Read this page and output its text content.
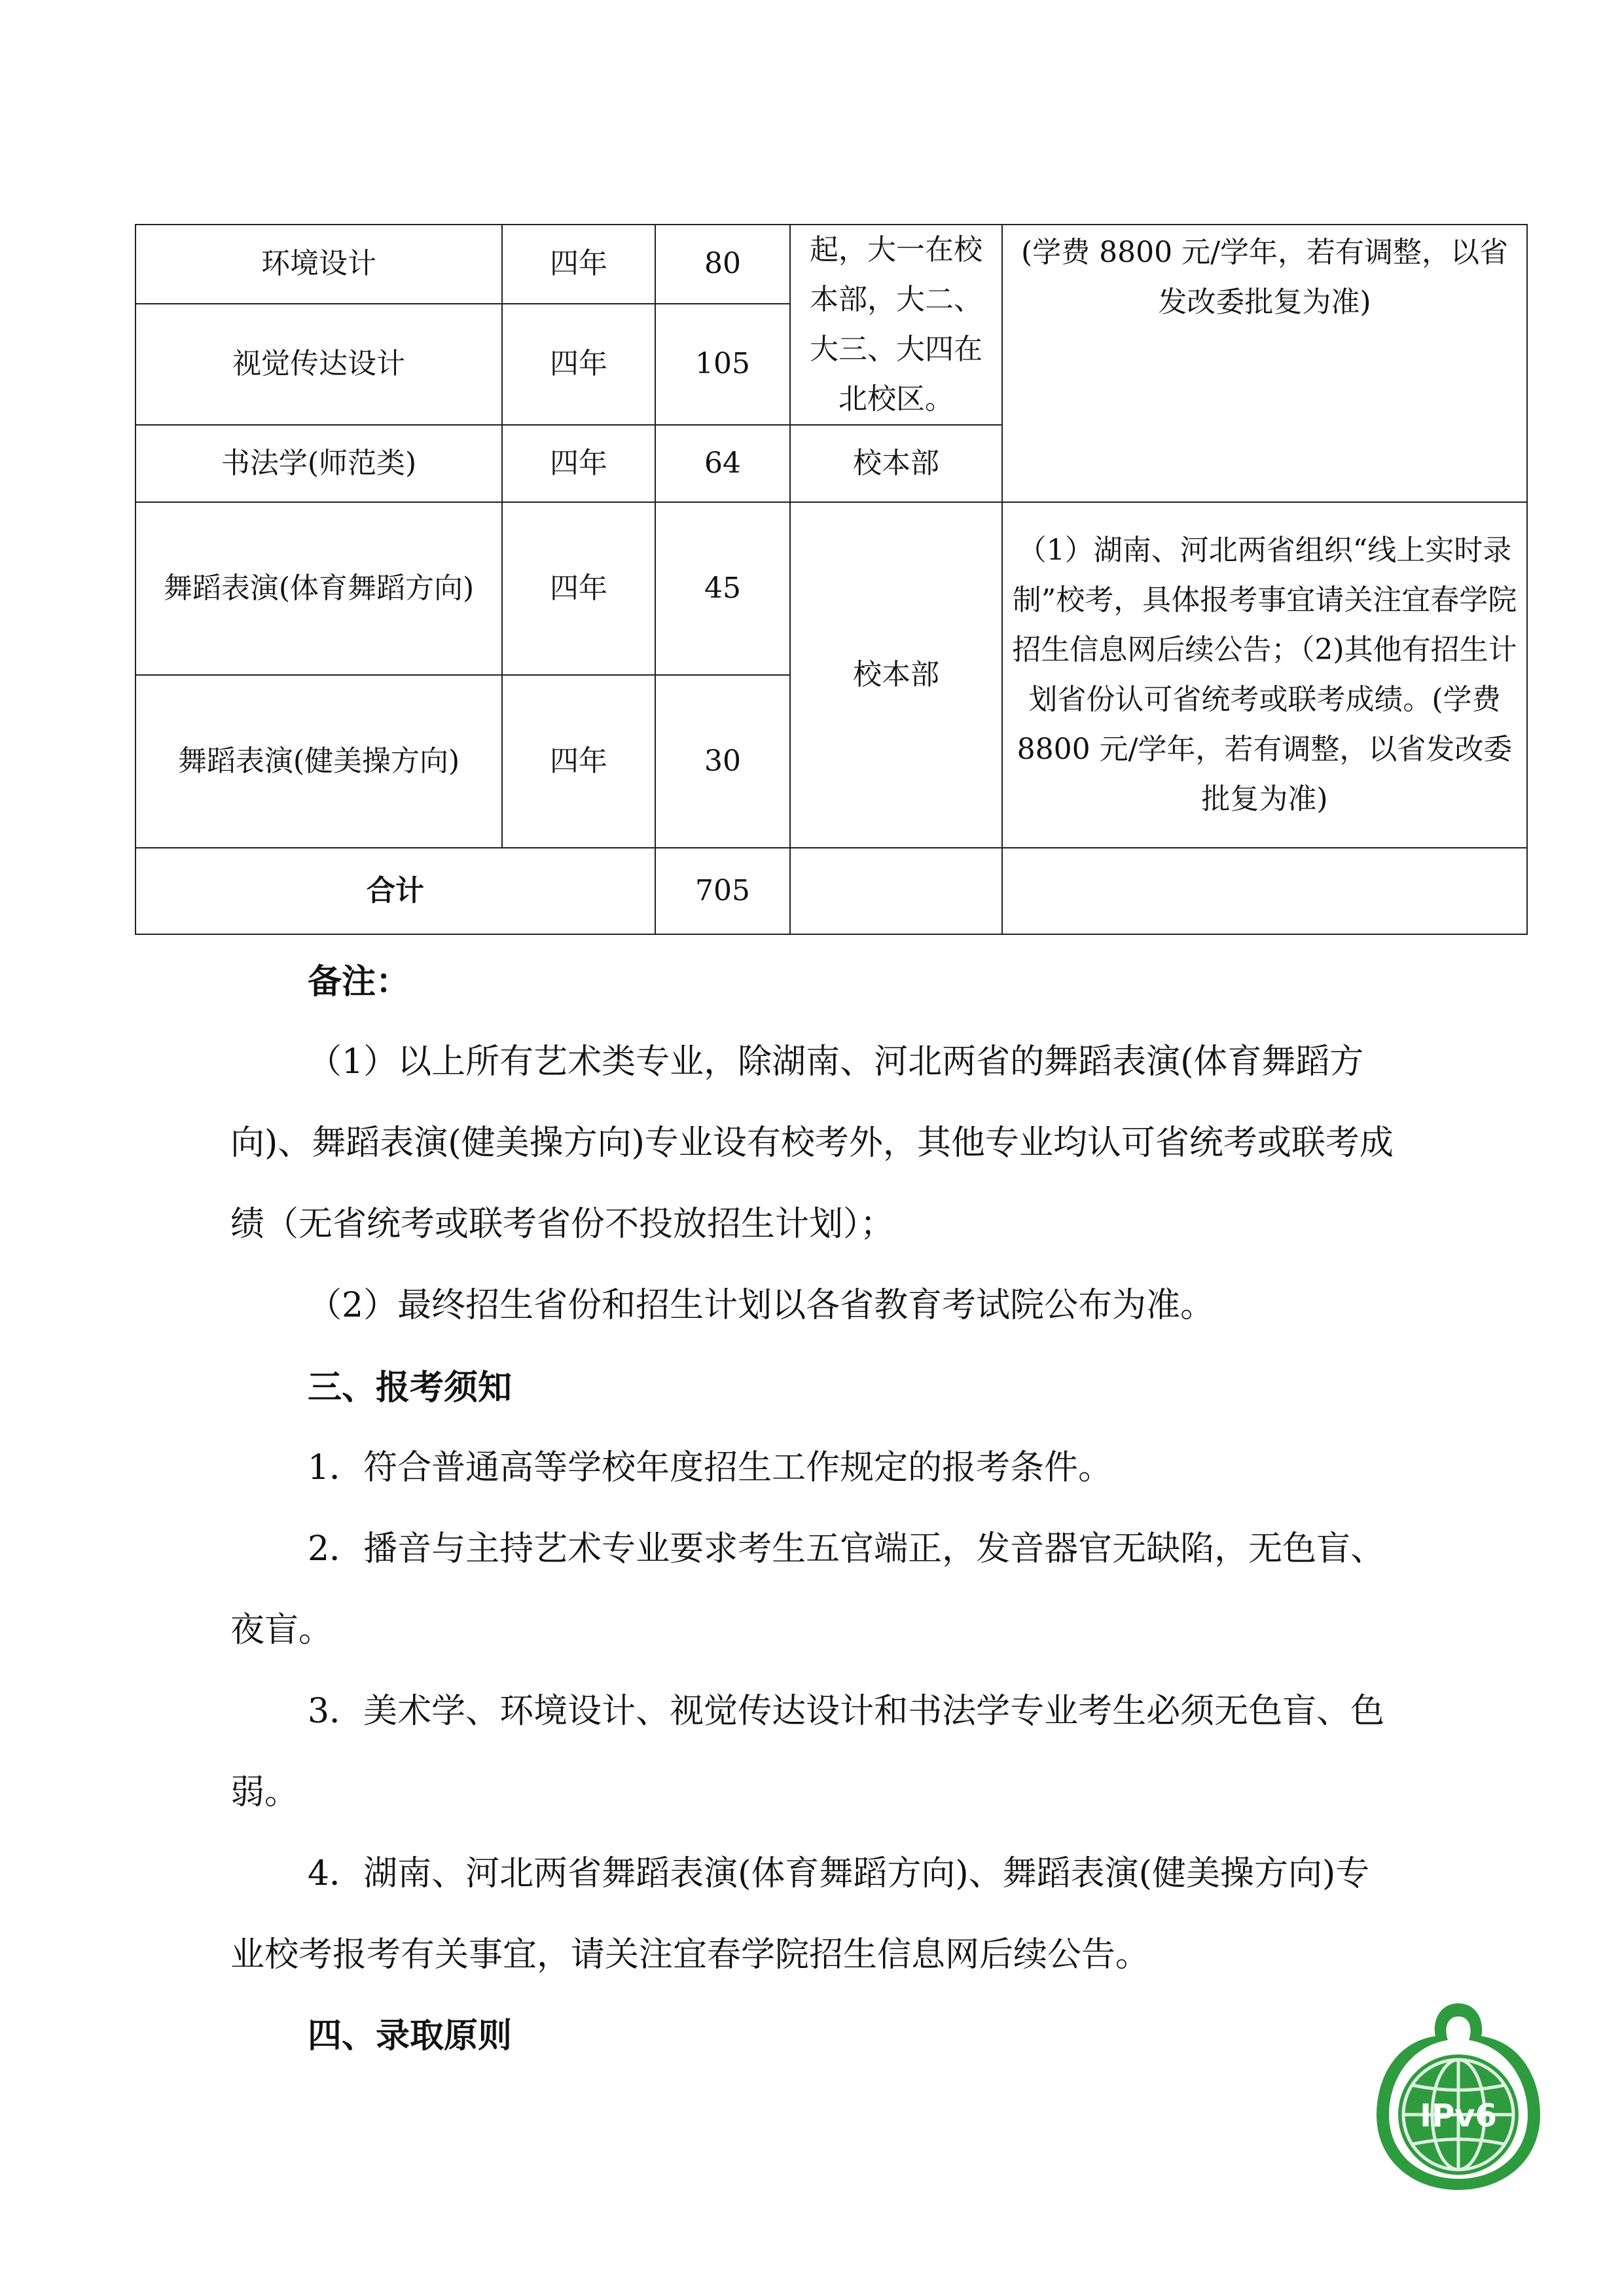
环境设计	四年	80	起，大一在校本部，大二、大三、大四在北校区。	(学费 8800 元/学年，若有调整，以省发改委批复为准)
视觉传达设计	四年	105		
书法学(师范类)	四年	64	校本部	
舞蹈表演(体育舞蹈方向)	四年	45	校本部	（1）湖南、河北两省组织“线上实时录制”校考，具体报考事宜请关注宜春学院招生信息网后续公告；（2)其他有招生计划省份认可省统考或联考成绩。(学费 8800 元/学年，若有调整，以省发改委批复为准)
舞蹈表演(健美操方向)	四年	30		
合计		705		

备注：

（1）以上所有艺术类专业，除湖南、河北两省的舞蹈表演(体育舞蹈方向)、舞蹈表演(健美操方向)专业设有校考外，其他专业均认可省统考或联考成绩（无省统考或联考省份不投放招生计划）；

（2）最终招生省份和招生计划以各省教育考试院公布为准。

三、报考须知

1．符合普通高等学校年度招生工作规定的报考条件。

2．播音与主持艺术专业要求考生五官端正，发音器官无缺陷，无色盲、夜盲。

3．美术学、环境设计、视觉传达设计和书法学专业考生必须无色盲、色弱。

4．湖南、河北两省舞蹈表演(体育舞蹈方向)、舞蹈表演(健美操方向)专业校考报考有关事宜，请关注宜春学院招生信息网后续公告。

四、录取原则

IPv6
